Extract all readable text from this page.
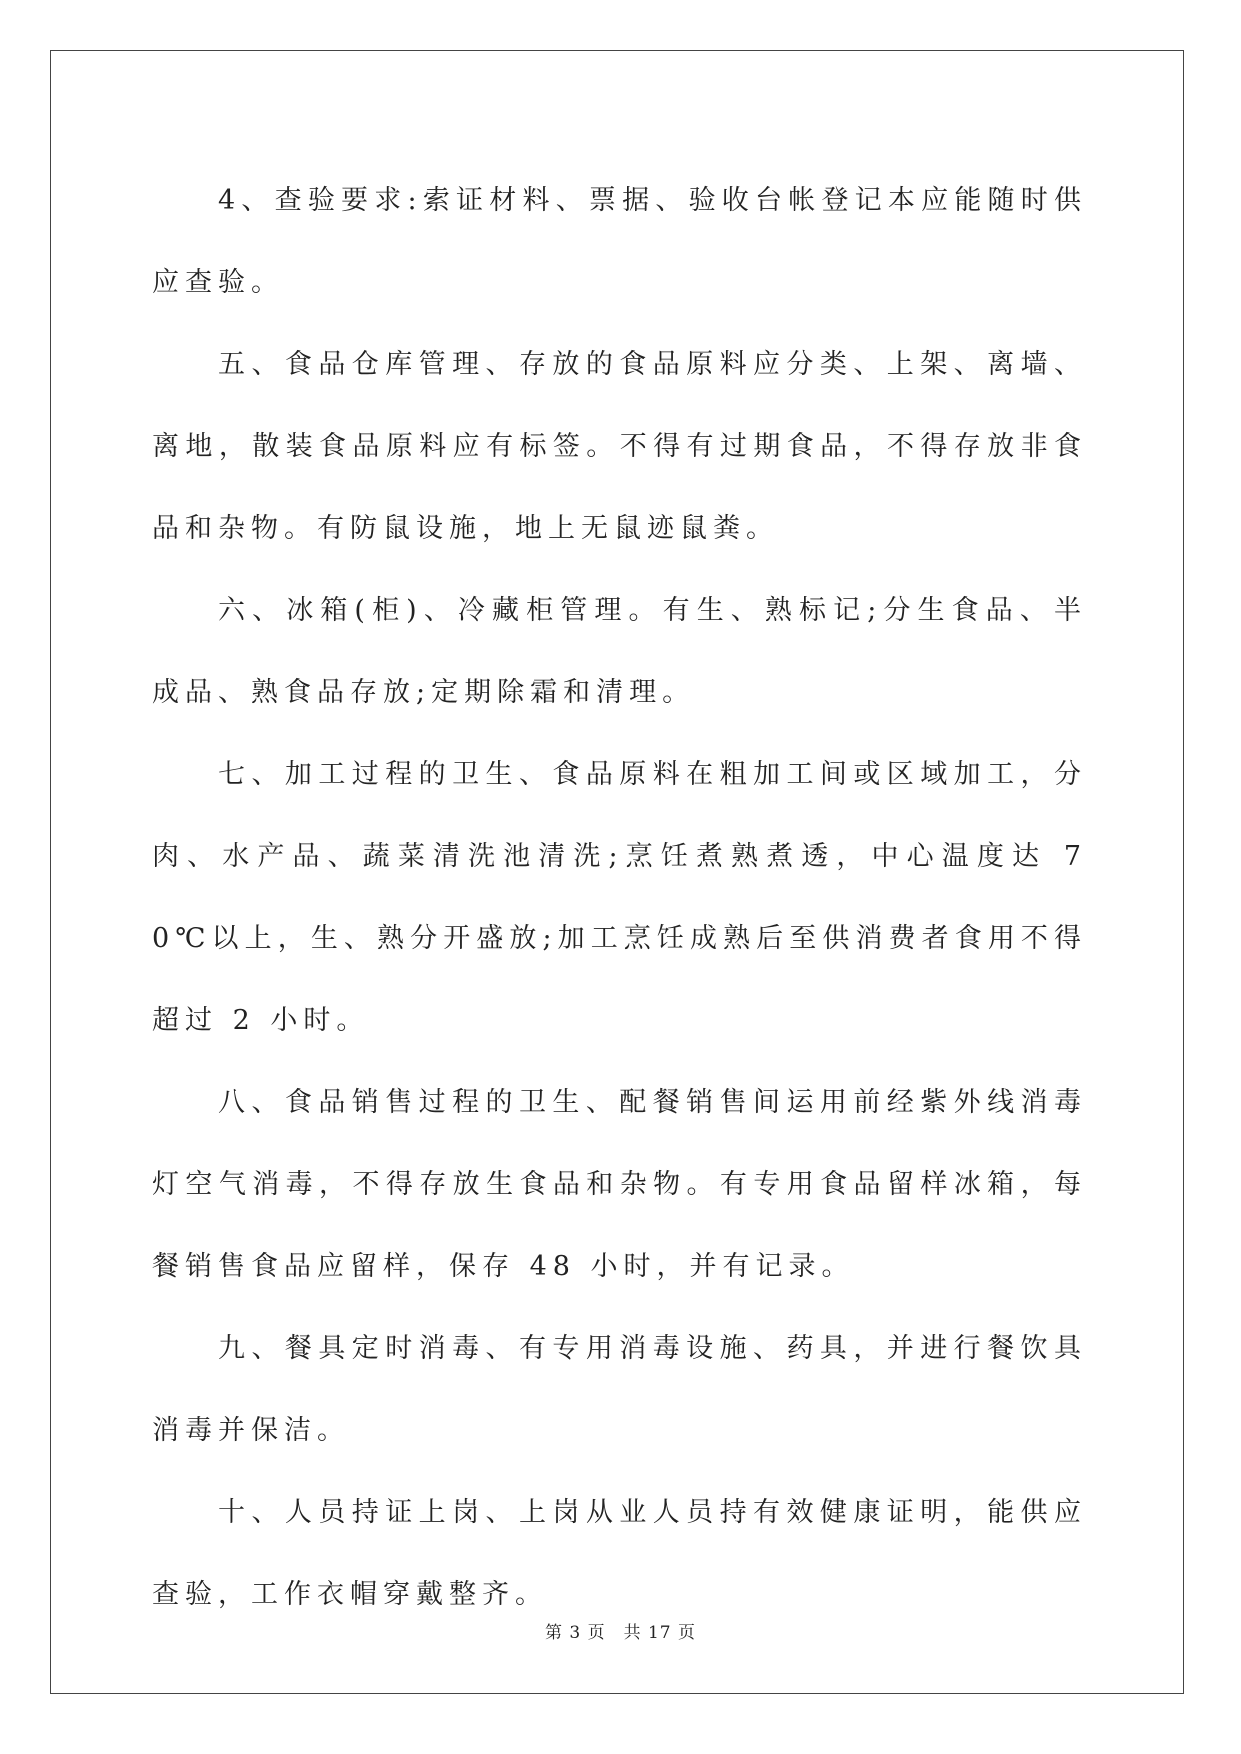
4、查验要求:索证材料、票据、验收台帐登记本应能随时供应查验。

五、食品仓库管理、存放的食品原料应分类、上架、离墙、离地，散装食品原料应有标签。不得有过期食品，不得存放非食品和杂物。有防鼠设施，地上无鼠迹鼠粪。

六、冰箱(柜)、冷藏柜管理。有生、熟标记;分生食品、半成品、熟食品存放;定期除霜和清理。

七、加工过程的卫生、食品原料在粗加工间或区域加工，分肉、水产品、蔬菜清洗池清洗;烹饪煮熟煮透，中心温度达 70℃以上，生、熟分开盛放;加工烹饪成熟后至供消费者食用不得超过 2 小时。

八、食品销售过程的卫生、配餐销售间运用前经紫外线消毒灯空气消毒，不得存放生食品和杂物。有专用食品留样冰箱，每餐销售食品应留样，保存 48 小时，并有记录。

九、餐具定时消毒、有专用消毒设施、药具，并进行餐饮具消毒并保洁。

十、人员持证上岗、上岗从业人员持有效健康证明，能供应查验，工作衣帽穿戴整齐。

第 3 页　共 17 页
